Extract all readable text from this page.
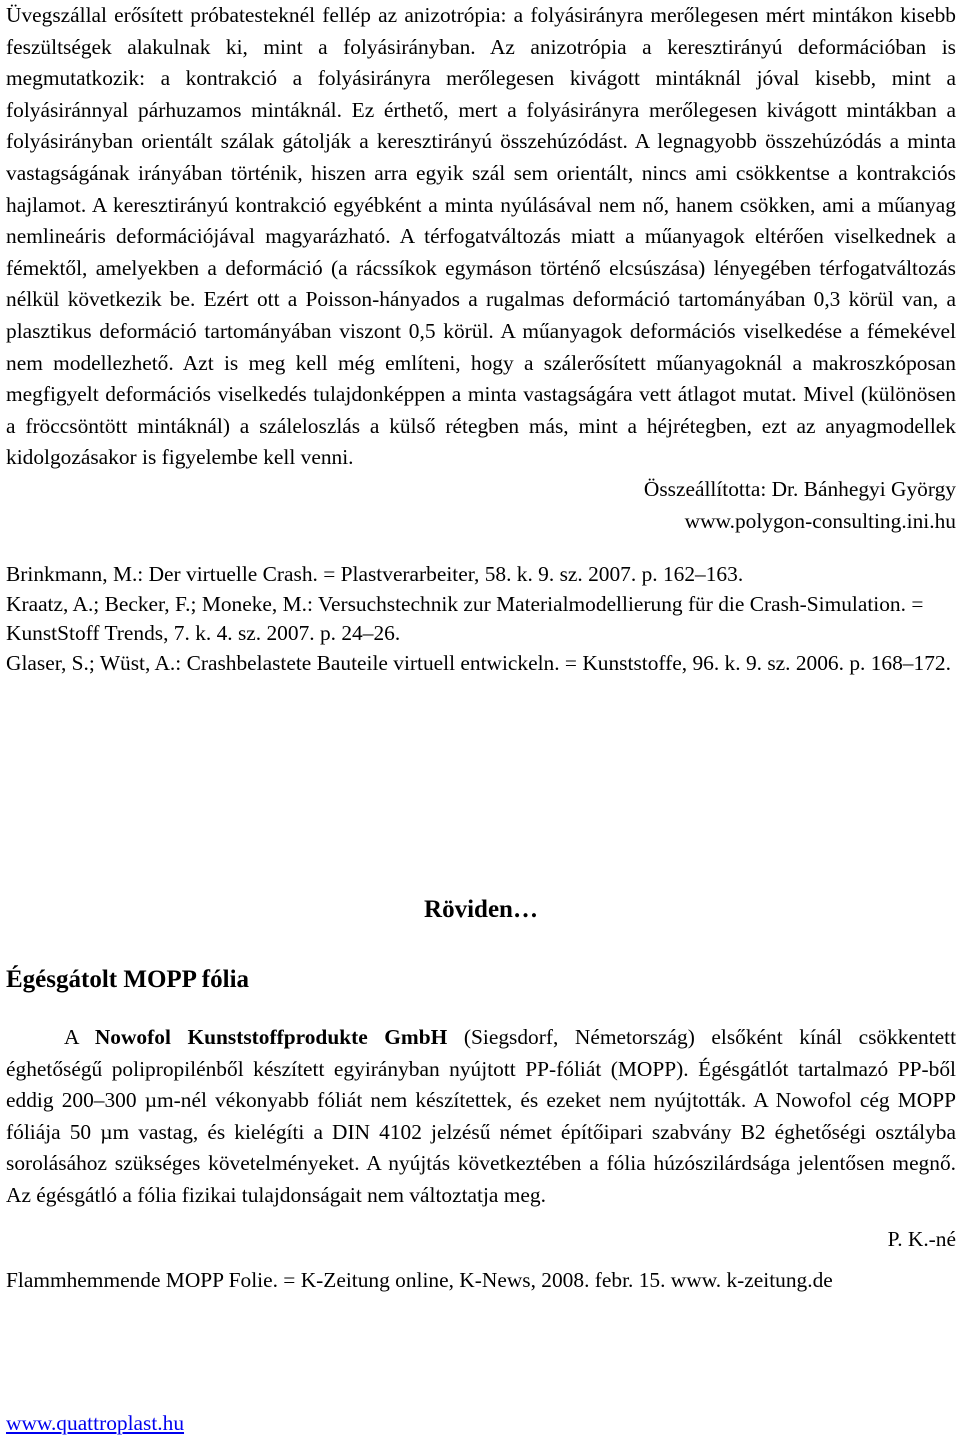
Üvegszállal erősített próbatesteknél fellép az anizotrópia: a folyásirányra merőlegesen mért mintákon kisebb feszültségek alakulnak ki, mint a folyásirányban. Az anizotrópia a keresztirányú deformációban is megmutatkozik: a kontrakció a folyásirányra merőlegesen kivágott mintáknál jóval kisebb, mint a folyásiránnyal párhuzamos mintáknál. Ez érthető, mert a folyásirányra merőlegesen kivágott mintákban a folyásirányban orientált szálak gátolják a keresztirányú összehúzódást. A legnagyobb összehúzódás a minta vastagságának irányában történik, hiszen arra egyik szál sem orientált, nincs ami csökkentse a kontrakciós hajlamot. A keresztirányú kontrakció egyébként a minta nyúlásával nem nő, hanem csökken, ami a műanyag nemlineáris deformációjával magyarázható. A térfogatváltozás miatt a műanyagok eltérően viselkednek a fémektől, amelyekben a deformáció (a rácssíkok egymáson történő elcsúszása) lényegében térfogatváltozás nélkül következik be. Ezért ott a Poisson-hányados a rugalmas deformáció tartományában 0,3 körül van, a plasztikus deformáció tartományában viszont 0,5 körül. A műanyagok deformációs viselkedése a fémekével nem modellezhető. Azt is meg kell még említeni, hogy a szálerősített műanyagoknál a makroszkóposan megfigyelt deformációs viselkedés tulajdonképpen a minta vastagságára vett átlagot mutat. Mivel (különösen a fröccsöntött mintáknál) a száleloszlás a külső rétegben más, mint a héjrétegben, ezt az anyagmodellek kidolgozásakor is figyelembe kell venni.

Összeállította: Dr. Bánhegyi György

www.polygon-consulting.ini.hu

Brinkmann, M.: Der virtuelle Crash. = Plastverarbeiter, 58. k. 9. sz. 2007. p. 162–163.

Kraatz, A.; Becker, F.; Moneke, M.: Versuchstechnik zur Materialmodellierung für die Crash-Simulation. = KunstStoff Trends, 7. k. 4. sz. 2007. p. 24–26.

Glaser, S.; Wüst, A.: Crashbelastete Bauteile virtuell entwickeln. = Kunststoffe, 96. k. 9. sz. 2006. p. 168–172.

Röviden…
Égésgátolt MOPP fólia

A Nowofol Kunststoffprodukte GmbH (Siegsdorf, Németország) elsőként kínál csökkentett éghetőségű polipropilénből készített egyirányban nyújtott PP-fóliát (MOPP). Égésgátlót tartalmazó PP-ből eddig 200–300 µm-nél vékonyabb fóliát nem készítettek, és ezeket nem nyújtották. A Nowofol cég MOPP fóliája 50 µm vastag, és kielégíti a DIN 4102 jelzésű német építőipari szabvány B2 éghetőségi osztályba sorolásához szükséges követelményeket. A nyújtás következtében a fólia húzószilárdsága jelentősen megnő. Az égésgátló a fólia fizikai tulajdonságait nem változtatja meg.

P. K.-né

Flammhemmende MOPP Folie. = K-Zeitung online, K-News, 2008. febr. 15. www. k-zeitung.de

www.quattroplast.hu
